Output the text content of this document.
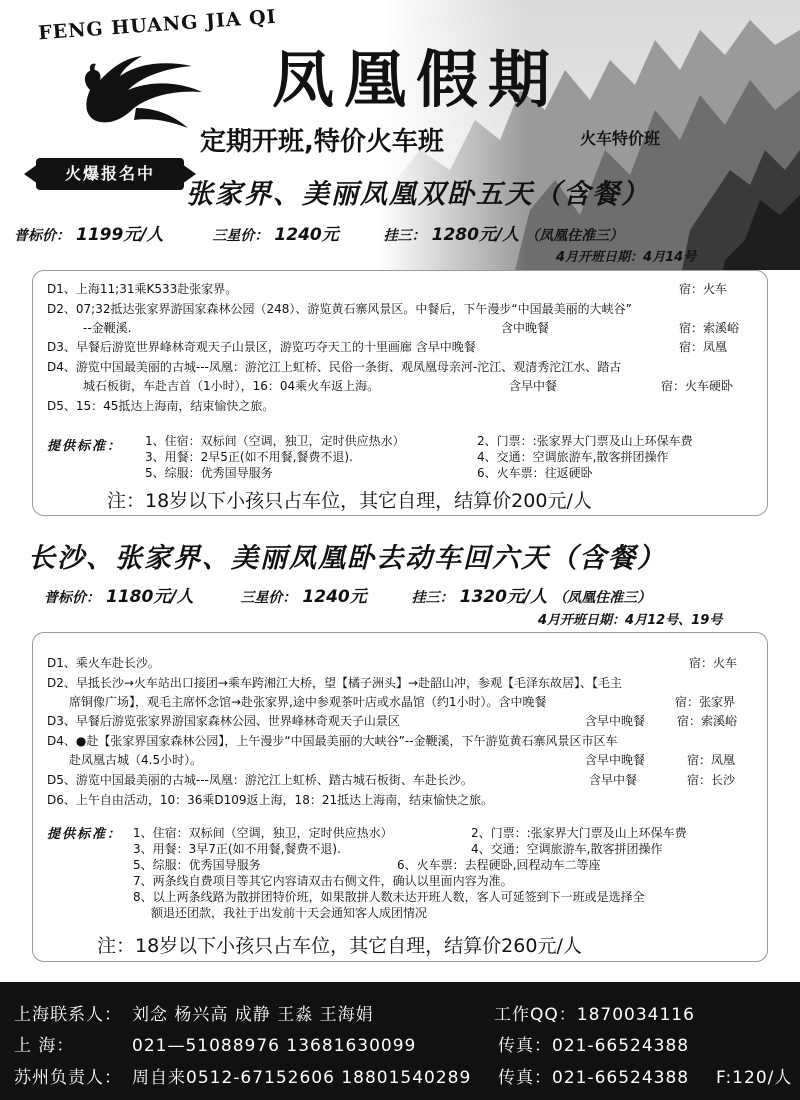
FENG HUANG JIA QI
凤凰假期
定期开班,特价火车班	火车特价班
火爆报名中
张家界、美丽凤凰双卧五天（含餐）
普标价： 1199元/人	三星价： 1240元	挂三： 1280元/人 （凤凰住准三）
4月开班日期：4月14号
D1、上海11;31乘K533赴张家界。	宿：火车
D2、07;32抵达张家界游国家森林公园（248）、游览黄石寨风景区。中餐后，下午漫步“中国最美丽的大峡谷”
--金鞭溪.	含中晚餐	宿：索溪峪
D3、早餐后游览世界峰林奇观天子山景区，游览巧夺天工的十里画廊 含早中晚餐	宿：凤凰
D4、游览中国最美丽的古城---凤凰：游沱江上虹桥、民俗一条街、观凤凰母亲河-沱江、观清秀沱江水、踏古
城石板街，车赴吉首（1小时），16：04乘火车返上海。	含早中餐	宿：火车硬卧
D5、15：45抵达上海南，结束愉快之旅。
提供标准： 1、住宿：双标间（空调，独卫，定时供应热水）	2、门票：:张家界大门票及山上环保车费
3、用餐：2早5正(如不用餐,餐费不退).	4、交通：空调旅游车,散客拼团操作
5、综服：优秀国导服务	6、火车票：往返硬卧
注：18岁以下小孩只占车位，其它自理，结算价200元/人
长沙、张家界、美丽凤凰卧去动车回六天（含餐）
普标价： 1180元/人	三星价： 1240元	挂三： 1320元/人 （凤凰住准三）
4月开班日期：4月12号、19号
D1、乘火车赴长沙。	宿：火车
D2、早抵长沙→火车站出口接团→乘车跨湘江大桥，望【橘子洲头】→赴韶山冲，参观【毛泽东故居】、【毛主
席铜像广场】，观毛主席怀念馆→赴张家界,途中参观茶叶店或水晶馆（约1小时）。含中晚餐	宿：张家界
D3、早餐后游览张家界游国家森林公园、世界峰林奇观天子山景区	含早中晚餐	宿：索溪峪
D4、●赴【张家界国家森林公园】，上午漫步“中国最美丽的大峡谷”--金鞭溪，下午游览黄石寨风景区市区车
赴凤凰古城（4.5小时）。	含早中晚餐	宿：凤凰
D5、游览中国最美丽的古城---凤凰：游沱江上虹桥、踏古城石板街、车赴长沙。	含早中餐	宿：长沙
D6、上午自由活动，10：36乘D109返上海，18：21抵达上海南，结束愉快之旅。
提供标准： 1、住宿：双标间（空调，独卫，定时供应热水）	2、门票：:张家界大门票及山上环保车费
3、用餐：3早7正(如不用餐,餐费不退).	4、交通：空调旅游车,散客拼团操作
5、综服：优秀国导服务	6、火车票：去程硬卧,回程动车二等座
7、两条线自费项目等其它内容请双击右侧文件，确认以里面内容为准。
8、以上两条线路为散拼团特价班，如果散拼人数未达开班人数，客人可延签到下一班或是选择全
额退还团款，我社于出发前十天会通知客人成团情况
注：18岁以下小孩只占车位，其它自理，结算价260元/人
上海联系人： 刘念 杨兴高 成静 王淼 王海娟	工作QQ：1870034116
上 海：	021—51088976 13681630099	传真：021-66524388
苏州负责人： 周自来0512-67152606 18801540289 传真：021-66524388 F:120/人
